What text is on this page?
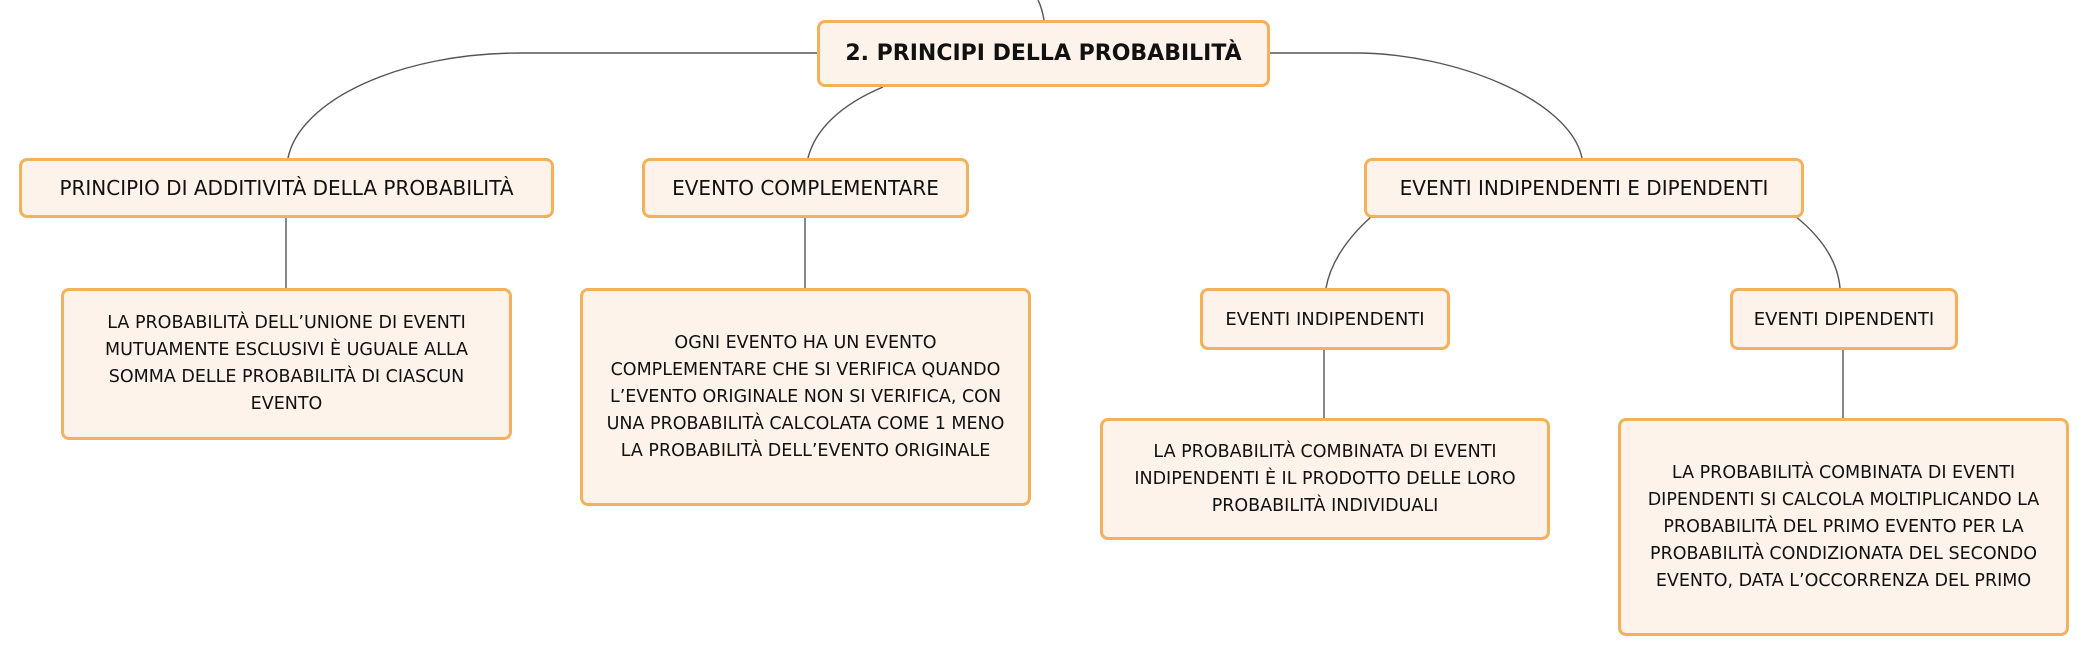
2. PRINCIPI DELLA PROBABILITÀ
PRINCIPIO DI ADDITIVITÀ DELLA PROBABILITÀ
LA PROBABILITÀ DELL’UNIONE DI EVENTI MUTUAMENTE ESCLUSIVI È UGUALE ALLA SOMMA DELLE PROBABILITÀ DI CIASCUN EVENTO
EVENTO COMPLEMENTARE
OGNI EVENTO HA UN EVENTO COMPLEMENTARE CHE SI VERIFICA QUANDO L’EVENTO ORIGINALE NON SI VERIFICA, CON UNA PROBABILITÀ CALCOLATA COME 1 MENO LA PROBABILITÀ DELL’EVENTO ORIGINALE
EVENTI INDIPENDENTI E DIPENDENTI
EVENTI INDIPENDENTI
LA PROBABILITÀ COMBINATA DI EVENTI INDIPENDENTI È IL PRODOTTO DELLE LORO PROBABILITÀ INDIVIDUALI
EVENTI DIPENDENTI
LA PROBABILITÀ COMBINATA DI EVENTI DIPENDENTI SI CALCOLA MOLTIPLICANDO LA PROBABILITÀ DEL PRIMO EVENTO PER LA PROBABILITÀ CONDIZIONATA DEL SECONDO EVENTO, DATA L’OCCORRENZA DEL PRIMO
